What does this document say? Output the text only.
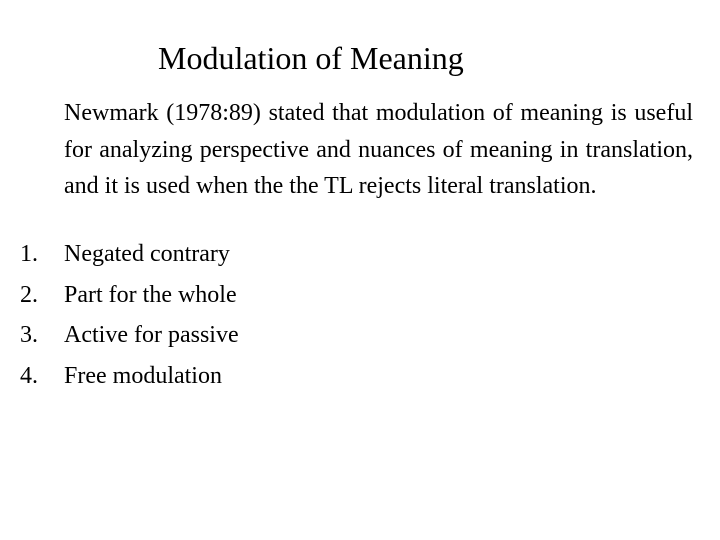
Modulation of Meaning

Newmark (1978:89) stated that modulation of meaning is useful for analyzing perspective and nuances of meaning in translation, and it is used when the the TL rejects literal translation.

1.	Negated contrary
2.	Part for the whole
3.	Active for passive
4.	Free modulation
